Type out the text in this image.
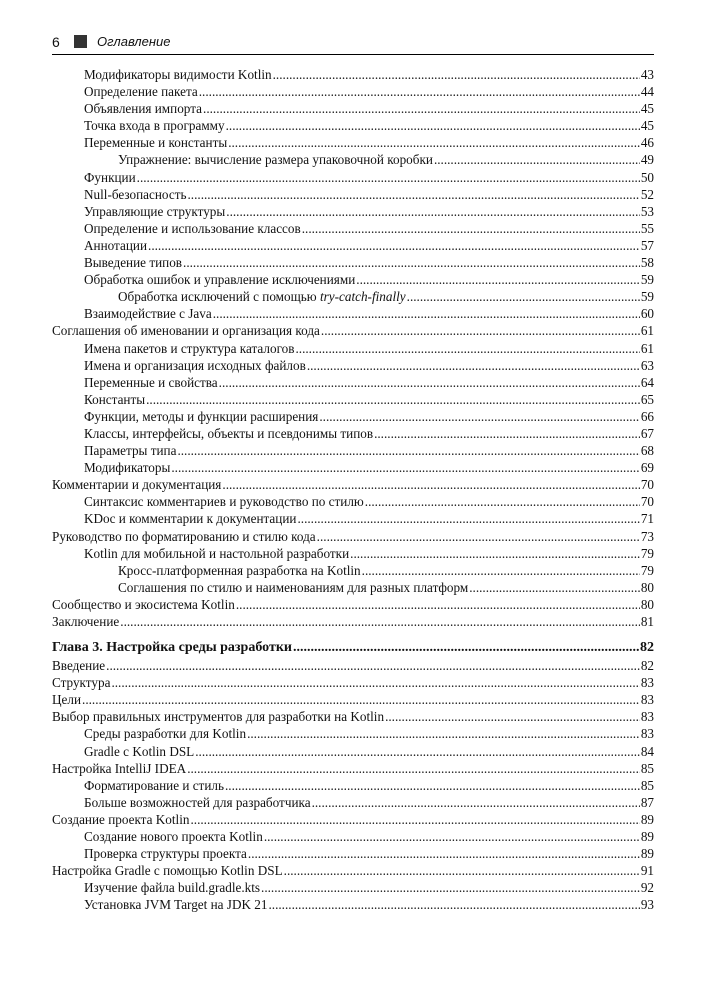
6	Оглавление
Модификаторы видимости Kotlin .....	43
Определение пакета .....	44
Объявления импорта .....	45
Точка входа в программу .....	45
Переменные и константы .....	46
Упражнение: вычисление размера упаковочной коробки .....	49
Функции .....	50
Null-безопасность .....	52
Управляющие структуры .....	53
Определение и использование классов .....	55
Аннотации .....	57
Выведение типов .....	58
Обработка ошибок и управление исключениями .....	59
Обработка исключений с помощью try-catch-finally .....	59
Взаимодействие с Java .....	60
Соглашения об именовании и организация кода .....	61
Имена пакетов и структура каталогов .....	61
Имена и организация исходных файлов .....	63
Переменные и свойства .....	64
Константы .....	65
Функции, методы и функции расширения .....	66
Классы, интерфейсы, объекты и псевдонимы типов .....	67
Параметры типа .....	68
Модификаторы .....	69
Комментарии и документация .....	70
Синтаксис комментариев и руководство по стилю .....	70
KDoc и комментарии к документации .....	71
Руководство по форматированию и стилю кода .....	73
Kotlin для мобильной и настольной разработки .....	79
Кросс-платформенная разработка на Kotlin .....	79
Соглашения по стилю и наименованиям для разных платформ .....	80
Сообщество и экосистема Kotlin .....	80
Заключение .....	81
Глава 3. Настройка среды разработки .....	82
Введение .....	82
Структура .....	83
Цели .....	83
Выбор правильных инструментов для разработки на Kotlin .....	83
Среды разработки для Kotlin .....	83
Gradle с Kotlin DSL .....	84
Настройка IntelliJ IDEA .....	85
Форматирование и стиль .....	85
Больше возможностей для разработчика .....	87
Создание проекта Kotlin .....	89
Создание нового проекта Kotlin .....	89
Проверка структуры проекта .....	89
Настройка Gradle с помощью Kotlin DSL .....	91
Изучение файла build.gradle.kts .....	92
Установка JVM Target на JDK 21 .....	93
